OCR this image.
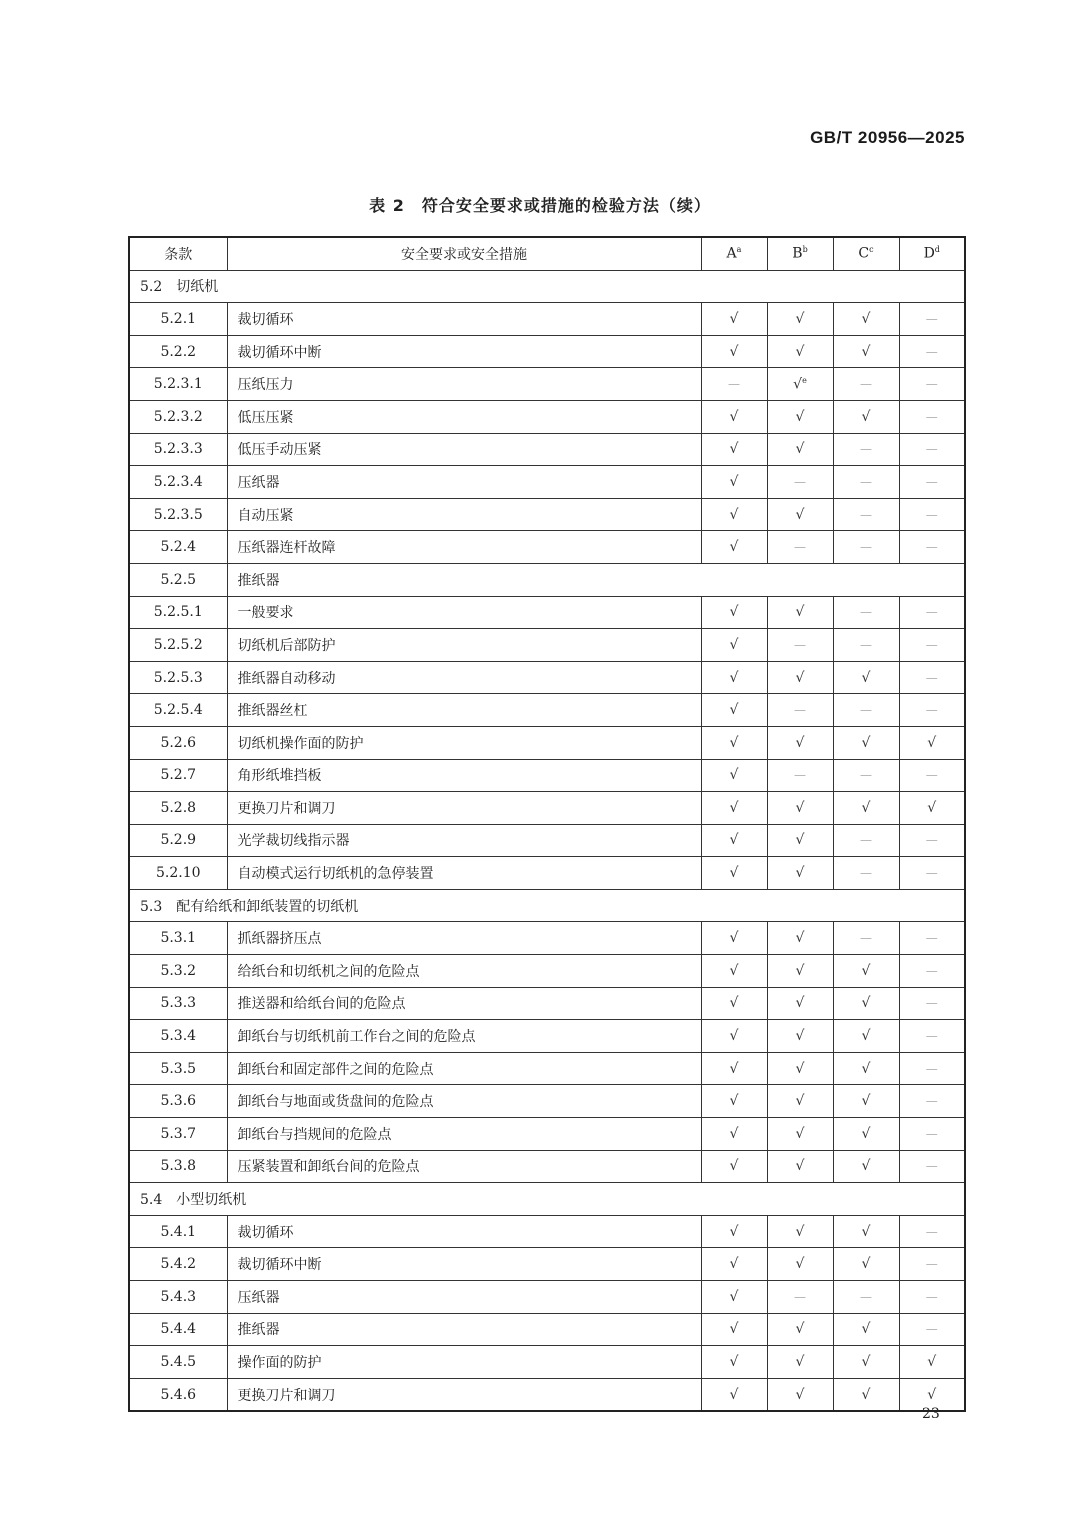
GB/T 20956—2025
表 2　符合安全要求或措施的检验方法（续）
条款	安全要求或安全措施	$A^a$	$B^b$	$C^c$	$D^d$
5.2　切纸机					
5.2.1	裁切循环	√	√	√	—
5.2.2	裁切循环中断	√	√	√	—
5.2.3.1	压纸压力	—	√$^e$	—	—
5.2.3.2	低压压紧	√	√	√	—
5.2.3.3	低压手动压紧	√	√	—	—
5.2.3.4	压纸器	√	—	—	—
5.2.3.5	自动压紧	√	√	—	—
5.2.4	压纸器连杆故障	√	—	—	—
5.2.5	推纸器				
5.2.5.1	一般要求	√	√	—	—
5.2.5.2	切纸机后部防护	√	—	—	—
5.2.5.3	推纸器自动移动	√	√	√	—
5.2.5.4	推纸器丝杠	√	—	—	—
5.2.6	切纸机操作面的防护	√	√	√	√
5.2.7	角形纸堆挡板	√	—	—	—
5.2.8	更换刀片和调刀	√	√	√	√
5.2.9	光学裁切线指示器	√	√	—	—
5.2.10	自动模式运行切纸机的急停装置	√	√	—	—
5.3　配有给纸和卸纸装置的切纸机					
5.3.1	抓纸器挤压点	√	√	—	—
5.3.2	给纸台和切纸机之间的危险点	√	√	√	—
5.3.3	推送器和给纸台间的危险点	√	√	√	—
5.3.4	卸纸台与切纸机前工作台之间的危险点	√	√	√	—
5.3.5	卸纸台和固定部件之间的危险点	√	√	√	—
5.3.6	卸纸台与地面或货盘间的危险点	√	√	√	—
5.3.7	卸纸台与挡规间的危险点	√	√	√	—
5.3.8	压紧装置和卸纸台间的危险点	√	√	√	—
5.4　小型切纸机					
5.4.1	裁切循环	√	√	√	—
5.4.2	裁切循环中断	√	√	√	—
5.4.3	压纸器	√	—	—	—
5.4.4	推纸器	√	√	√	—
5.4.5	操作面的防护	√	√	√	√
5.4.6	更换刀片和调刀	√	√	√	√
23
